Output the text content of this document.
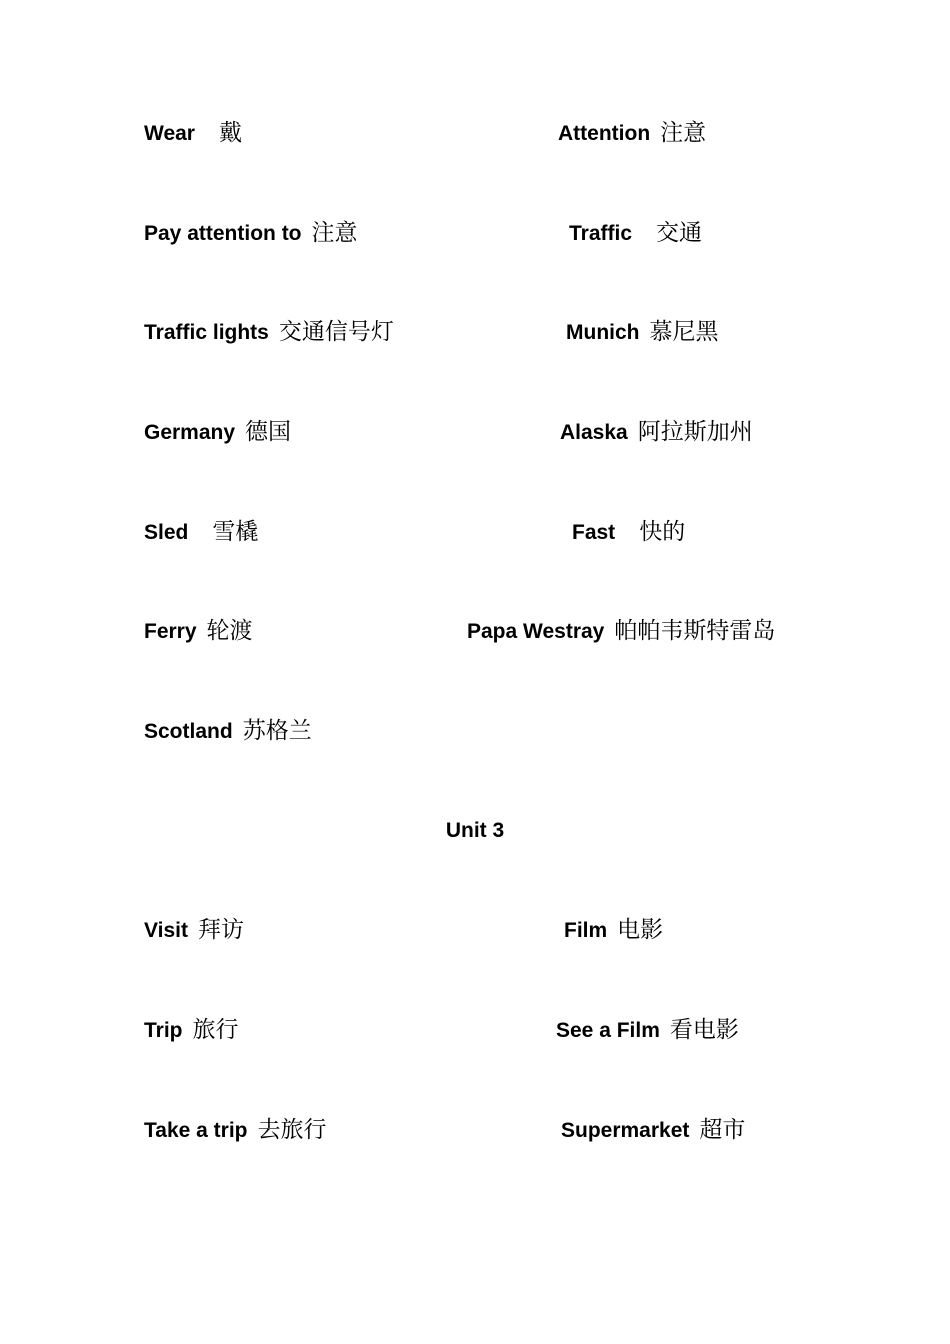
Wear 戴	Attention 注意
Pay attention to 注意	Traffic 交通
Traffic lights 交通信号灯	Munich 慕尼黑
Germany 德国	Alaska 阿拉斯加州
Sled 雪橇	Fast 快的
Ferry 轮渡	Papa Westray 帕帕韦斯特雷岛
Scotland 苏格兰
Unit 3
Visit 拜访	Film 电影
Trip 旅行	See a Film 看电影
Take a trip 去旅行	Supermarket 超市
